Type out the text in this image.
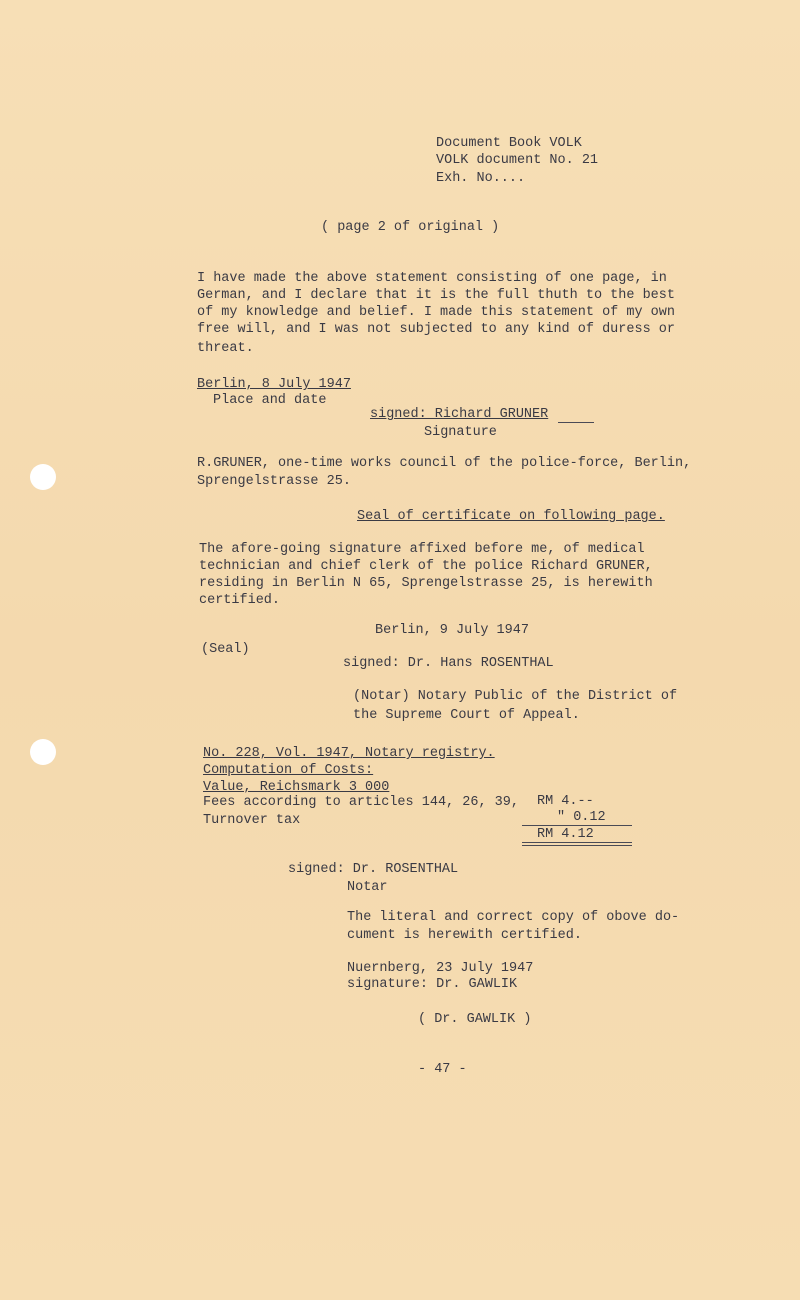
Document Book VOLK
VOLK document No. 21
Exh. No....
( page 2 of original )
I have made the above statement consisting of one page, in
German, and I declare that it is the full thuth to the best
of my knowledge and belief. I made this statement of my own
free will, and I was not subjected to any kind of duress or
threat.
Berlin, 8 July 1947
Place and date
signed: Richard GRUNER
Signature
R.GRUNER, one-time works council of the police-force, Berlin,
Sprengelstrasse 25.
Seal of certificate on following page.
The afore-going signature affixed before me, of medical
technician and chief clerk of the police Richard GRUNER,
residing in Berlin N 65, Sprengelstrasse 25, is herewith
certified.
Berlin, 9 July 1947
(Seal)
signed: Dr. Hans ROSENTHAL
(Notar) Notary Public of the District of
the Supreme Court of Appeal.
No. 228, Vol. 1947, Notary registry.
Computation of Costs:
Value, Reichsmark 3 000
Fees according to articles 144, 26, 39, RM 4.--
Turnover tax	" 0.12
RM 4.12
signed: Dr. ROSENTHAL
Notar
The literal and correct copy of obove do-
cument is herewith certified.
Nuernberg, 23 July 1947
signature: Dr. GAWLIK
( Dr. GAWLIK )
- 47 -
